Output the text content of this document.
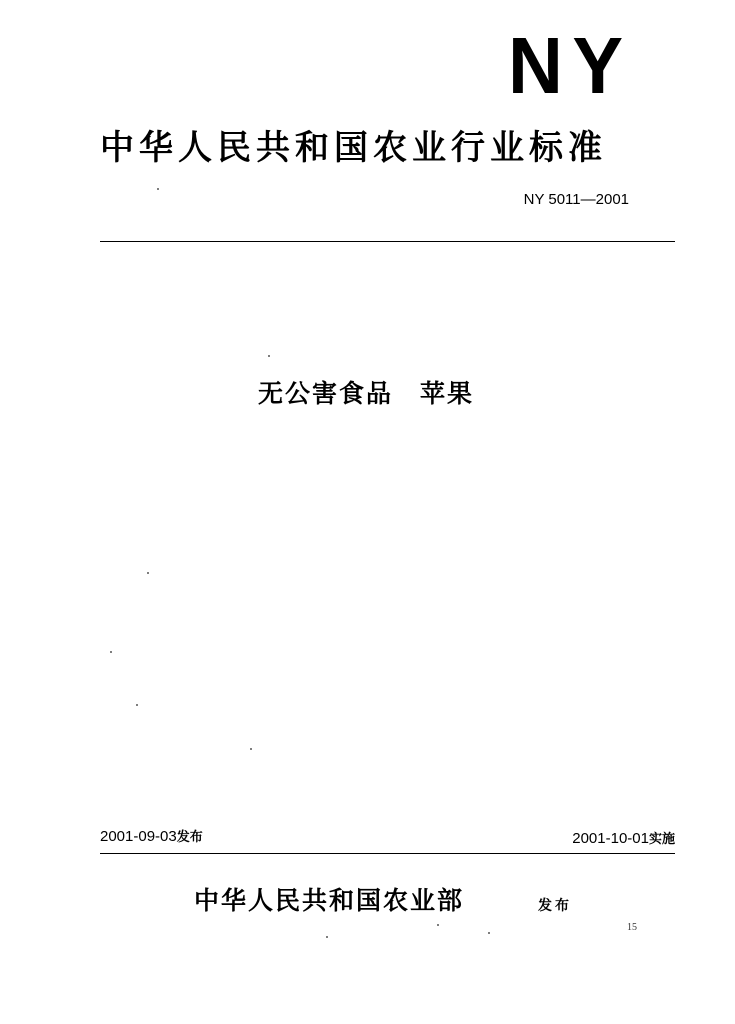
NY
中华人民共和国农业行业标准
NY 5011—2001
无公害食品　苹果
2001-09-03发布	2001-10-01实施
中华人民共和国农业部	发布
15
